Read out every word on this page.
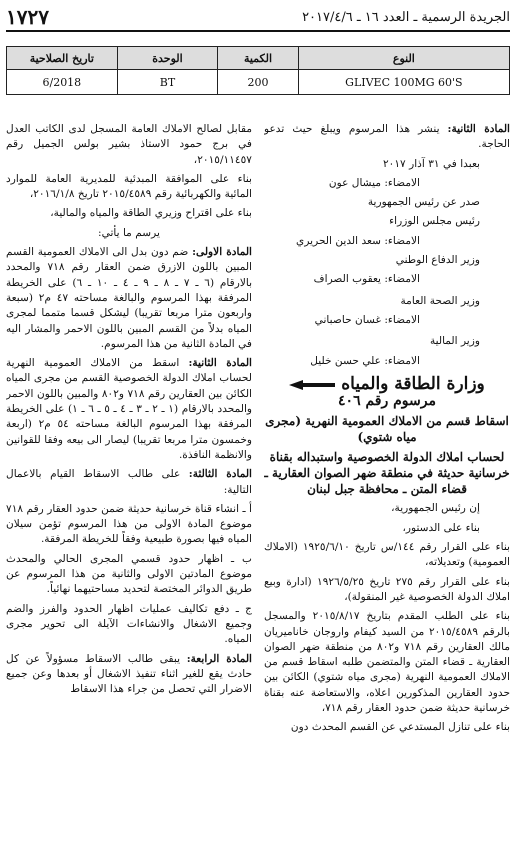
الجريدة الرسمية ـ العدد ١٦ ـ ٢٠١٧/٤/٦
١٧٢٧
النوع	الكمية	الوحدة	تاريخ الصلاحية
GLIVEC 100MG 60'S	200	BT	6/2018

المادة الثانية: ينشر هذا المرسوم ويبلغ حيث تدعو الحاجة.

بعبدا في ٣١ آذار ٢٠١٧

الامضاء: ميشال عون

صدر عن رئيس الجمهورية

رئيس مجلس الوزراء

الامضاء: سعد الدين الحريري

وزير الدفاع الوطني

الامضاء: يعقوب الصراف

وزير الصحة العامة

الامضاء: غسان حاصباني

وزير المالية

الامضاء: علي حسن خليل

وزارة الطاقة والمياه

مرسوم رقم ٤٠٦

اسقاط قسم من الاملاك العمومية النهرية (مجرى مياه شتوي)

لحساب املاك الدولة الخصوصية واستبداله بقناة خرسانية حديثة في منطقة ضهر الصوان العقارية ـ قضاء المتن ـ محافظة جبل لبنان

إن رئيس الجمهورية،

بناء على الدستور،

بناء على القرار رقم ١٤٤/س تاريخ ١٩٢٥/٦/١٠ (الاملاك العمومية) وتعديلاته،

بناء على القرار رقم ٢٧٥ تاريخ ١٩٢٦/٥/٢٥ (ادارة وبيع املاك الدولة الخصوصية غير المنقولة)،

بناء على الطلب المقدم بتاريخ ٢٠١٥/٨/١٧ والمسجل بالرقم ٢٠١٥/٤٥٨٩ من السيد كيفام واروجان خاناميريان مالك العقارين رقم ٧١٨ و٨٠٢ من منطقة ضهر الصوان العقارية ـ قضاء المتن والمتضمن طلبه اسقاط قسم من الاملاك العمومية النهرية (مجرى مياه شتوي) الكائن بين حدود العقارين المذكورين اعلاه، والاستعاضة عنه بقناة خرسانية حديثة ضمن حدود العقار رقم ٧١٨،

بناء على تنازل المستدعي عن القسم المحدث دون

مقابل لصالح الاملاك العامة المسجل لدى الكاتب العدل في برج حمود الاستاذ بشير بولس الجميل رقم ٢٠١٥/١١٤٥٧،

بناء على الموافقة المبدئية للمديرية العامة للموارد المائية والكهربائية رقم ٢٠١٥/٤٥٨٩ تاريخ ٢٠١٦/١/٨،

بناء على اقتراح وزيري الطاقة والمياه والمالية،

يرسم ما يأتي:

المادة الاولى: ضم دون بدل الى الاملاك العمومية القسم المبين باللون الازرق ضمن العقار رقم ٧١٨ والمحدد بالارقام (٦ ـ ٧ ـ ٨ ـ ٩ ـ ٤ ـ ١٠ ـ ٦) على الخريطة المرفقة بهذا المرسوم والبالغة مساحته ٤٧ م٢ (سبعة واربعون مترا مربعا تقريبا) ليشكل قسما متمما لمجرى المياه بدلاً من القسم المبين باللون الاحمر والمشار اليه في المادة الثانية من هذا المرسوم.

المادة الثانية: اسقط من الاملاك العمومية النهرية لحساب املاك الدولة الخصوصية القسم من مجرى المياه الكائن بين العقارين رقم ٧١٨ و٨٠٢ والمبين باللون الاحمر والمحدد بالارقام (١ ـ ٢ ـ ٣ ـ ٤ ـ ٥ ـ ٦ ـ ١) على الخريطة المرفقة بهذا المرسوم البالغة مساحته ٥٤ م٢ (اربعة وخمسون مترا مربعا تقريبا) ليصار الى بيعه وفقا للقوانين والانظمة النافذة.

المادة الثالثة: على طالب الاسقاط القيام بالاعمال التالية:

أ ـ انشاء قناة خرسانية حديثة ضمن حدود العقار رقم ٧١٨ موضوع المادة الاولى من هذا المرسوم تؤمن سيلان المياه فيها بصورة طبيعية وفقاً للخريطة المرفقة.

ب ـ اظهار حدود قسمي المجرى الحالي والمحدث موضوع المادتين الاولى والثانية من هذا المرسوم عن طريق الدوائر المختصة لتحديد مساحتيهما نهائياً.

ج ـ دفع تكاليف عمليات اظهار الحدود والفرز والضم وجميع الاشغال والانشاءات الآيلة الى تحوير مجرى المياه.

المادة الرابعة: يبقى طالب الاسقاط مسؤولاً عن كل حادث يقع للغير اثناء تنفيذ الاشغال أو بعدها وعن جميع الاضرار التي تحصل من جراء هذا الاسقاط
